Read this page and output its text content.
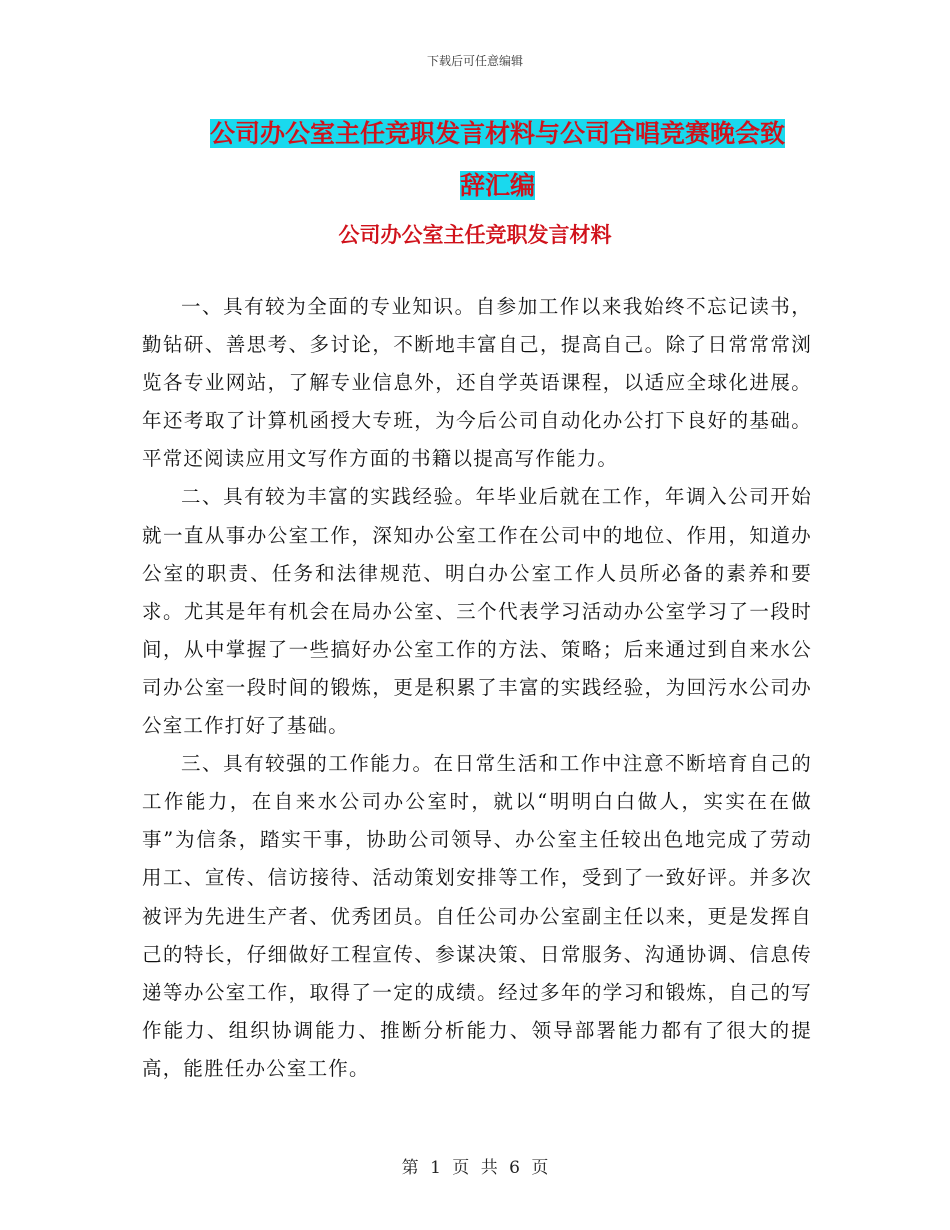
下载后可任意编辑
公司办公室主任竞职发言材料与公司合唱竞赛晚会致
辞汇编
公司办公室主任竞职发言材料

一、具有较为全面的专业知识。自参加工作以来我始终不忘记读书，勤钻研、善思考、多讨论，不断地丰富自己，提高自己。除了日常常常浏览各专业网站，了解专业信息外，还自学英语课程，以适应全球化进展。年还考取了计算机函授大专班，为今后公司自动化办公打下良好的基础。平常还阅读应用文写作方面的书籍以提高写作能力。

二、具有较为丰富的实践经验。年毕业后就在工作，年调入公司开始就一直从事办公室工作，深知办公室工作在公司中的地位、作用，知道办公室的职责、任务和法律规范、明白办公室工作人员所必备的素养和要求。尤其是年有机会在局办公室、三个代表学习活动办公室学习了一段时间，从中掌握了一些搞好办公室工作的方法、策略；后来通过到自来水公司办公室一段时间的锻炼，更是积累了丰富的实践经验，为回污水公司办公室工作打好了基础。

三、具有较强的工作能力。在日常生活和工作中注意不断培育自己的工作能力，在自来水公司办公室时，就以“明明白白做人，实实在在做事”为信条，踏实干事，协助公司领导、办公室主任较出色地完成了劳动用工、宣传、信访接待、活动策划安排等工作，受到了一致好评。并多次被评为先进生产者、优秀团员。自任公司办公室副主任以来，更是发挥自己的特长，仔细做好工程宣传、参谋决策、日常服务、沟通协调、信息传递等办公室工作，取得了一定的成绩。经过多年的学习和锻炼，自己的写作能力、组织协调能力、推断分析能力、领导部署能力都有了很大的提高，能胜任办公室工作。

第 1 页 共 6 页
